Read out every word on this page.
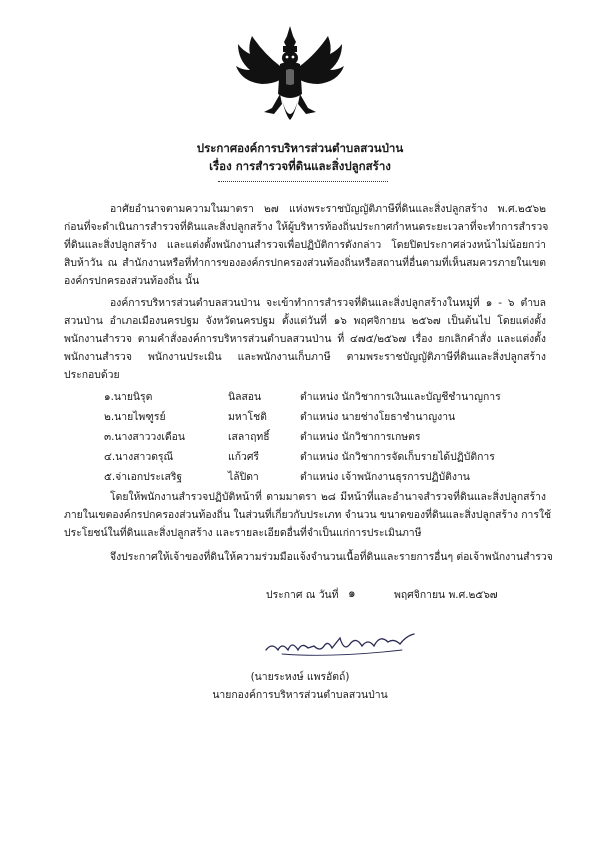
ประกาศองค์การบริหารส่วนตำบลสวนป่าน
เรื่อง การสำรวจที่ดินและสิ่งปลูกสร้าง
อาศัยอำนาจตามความในมาตรา ๒๗ แห่งพระราชบัญญัติภาษีที่ดินและสิ่งปลูกสร้าง พ.ศ.๒๕๖๒
ก่อนที่จะดำเนินการสำรวจที่ดินและสิ่งปลูกสร้าง ให้ผู้บริหารท้องถิ่นประกาศกำหนดระยะเวลาที่จะทำการสำรวจ
ที่ดินและสิ่งปลูกสร้าง และแต่งตั้งพนักงานสำรวจเพื่อปฏิบัติการดังกล่าว โดยปิดประกาศล่วงหน้าไม่น้อยกว่า
สิบห้าวัน ณ สำนักงานหรือที่ทำการขององค์กรปกครองส่วนท้องถิ่นหรือสถานที่อื่นตามที่เห็นสมควรภายในเขต
องค์กรปกครองส่วนท้องถิ่น นั้น
องค์การบริหารส่วนตำบลสวนป่าน จะเข้าทำการสำรวจที่ดินและสิ่งปลูกสร้างในหมู่ที่ ๑ - ๖ ตำบล
สวนป่าน อำเภอเมืองนครปฐม จังหวัดนครปฐม ตั้งแต่วันที่ ๑๖ พฤศจิกายน ๒๕๖๗ เป็นต้นไป โดยแต่งตั้ง
พนักงานสำรวจ ตามคำสั่งองค์การบริหารส่วนตำบลสวนป่าน ที่ ๔๗๕/๒๕๖๗ เรื่อง ยกเลิกคำสั่ง และแต่งตั้ง
พนักงานสำรวจ พนักงานประเมิน และพนักงานเก็บภาษี ตามพระราชบัญญัติภาษีที่ดินและสิ่งปลูกสร้าง
ประกอบด้วย
๑.นายนิรุต	นิลสอน	ตำแหน่ง นักวิชาการเงินและบัญชีชำนาญการ
๒.นายไพฑูรย์	มหาโชติ	ตำแหน่ง นายช่างโยธาชำนาญงาน
๓.นางสาววงเดือน	เสลาฤทธิ์	ตำแหน่ง นักวิชาการเกษตร
๔.นางสาวดรุณี	แก้วศรี	ตำแหน่ง นักวิชาการจัดเก็บรายได้ปฏิบัติการ
๕.จ่าเอกประเสริฐ	ไล้ปิดา	ตำแหน่ง เจ้าพนักงานธุรการปฏิบัติงาน
โดยให้พนักงานสำรวจปฏิบัติหน้าที่ ตามมาตรา ๒๘ มีหน้าที่และอำนาจสำรวจที่ดินและสิ่งปลูกสร้าง
ภายในเขตองค์กรปกครองส่วนท้องถิ่น ในส่วนที่เกี่ยวกับประเภท จำนวน ขนาดของที่ดินและสิ่งปลูกสร้าง การใช้
ประโยชน์ในที่ดินและสิ่งปลูกสร้าง และรายละเอียดอื่นที่จำเป็นแก่การประเมินภาษี
จึงประกาศให้เจ้าของที่ดินให้ความร่วมมือแจ้งจำนวนเนื้อที่ดินและรายการอื่นๆ ต่อเจ้าพนักงานสำรวจ
ประกาศ ณ วันที่ ๑	พฤศจิกายน พ.ศ.๒๕๖๗
(นายระหงษ์ แพรอัตถ์)
นายกองค์การบริหารส่วนตำบลสวนป่าน
